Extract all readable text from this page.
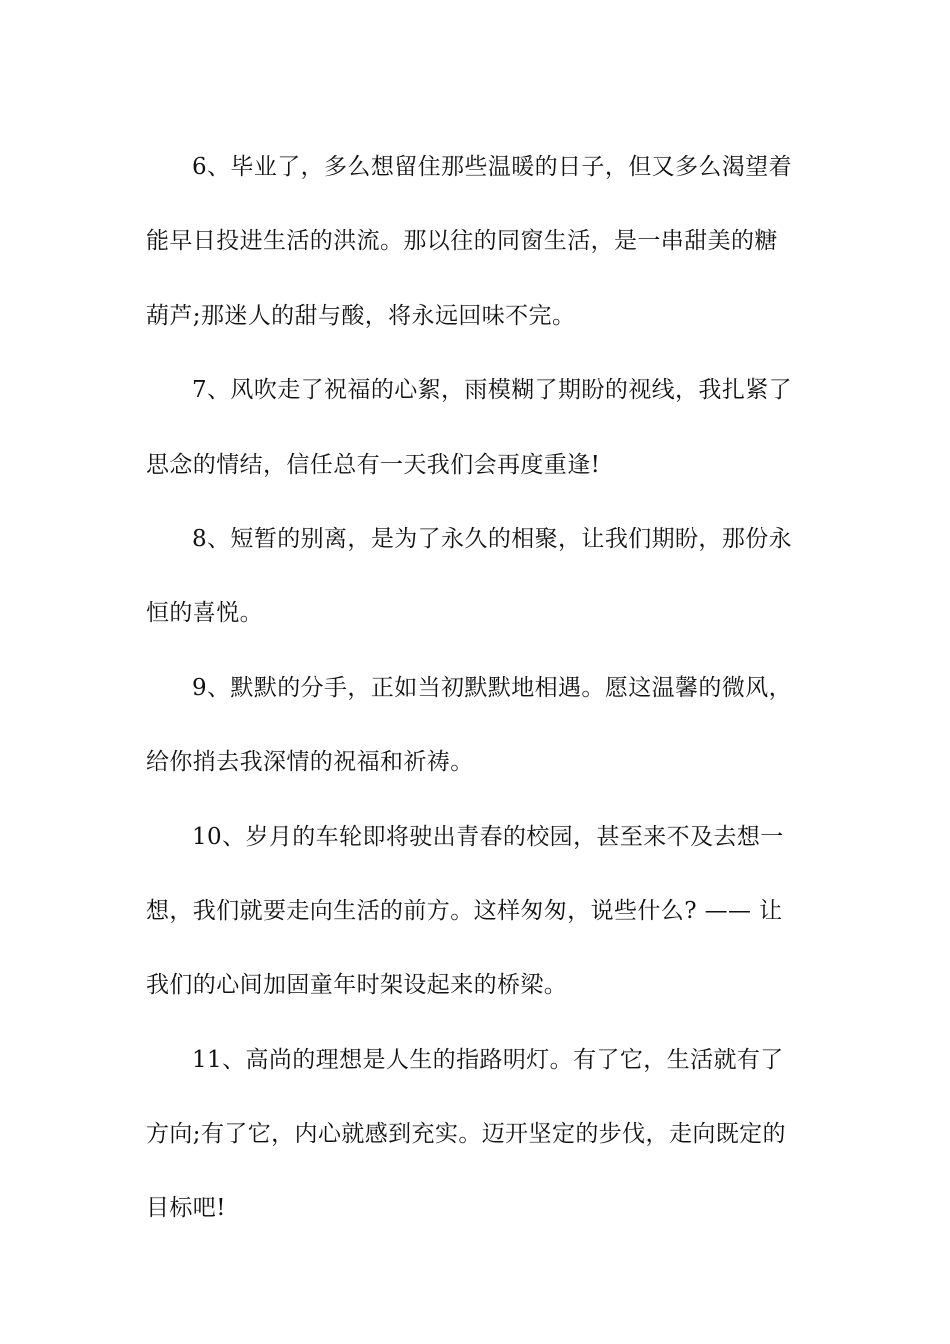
6、毕业了，多么想留住那些温暖的日子，但又多么渴望着
能早日投进生活的洪流。那以往的同窗生活，是一串甜美的糖
葫芦;那迷人的甜与酸，将永远回味不完。

7、风吹走了祝福的心絮，雨模糊了期盼的视线，我扎紧了
思念的情结，信任总有一天我们会再度重逢!

8、短暂的别离，是为了永久的相聚，让我们期盼，那份永
恒的喜悦。

9、默默的分手，正如当初默默地相遇。愿这温馨的微风，
给你捎去我深情的祝福和祈祷。

10、岁月的车轮即将驶出青春的校园，甚至来不及去想一
想，我们就要走向生活的前方。这样匆匆，说些什么? —— 让
我们的心间加固童年时架设起来的桥梁。

11、高尚的理想是人生的指路明灯。有了它，生活就有了
方向;有了它，内心就感到充实。迈开坚定的步伐，走向既定的
目标吧!
